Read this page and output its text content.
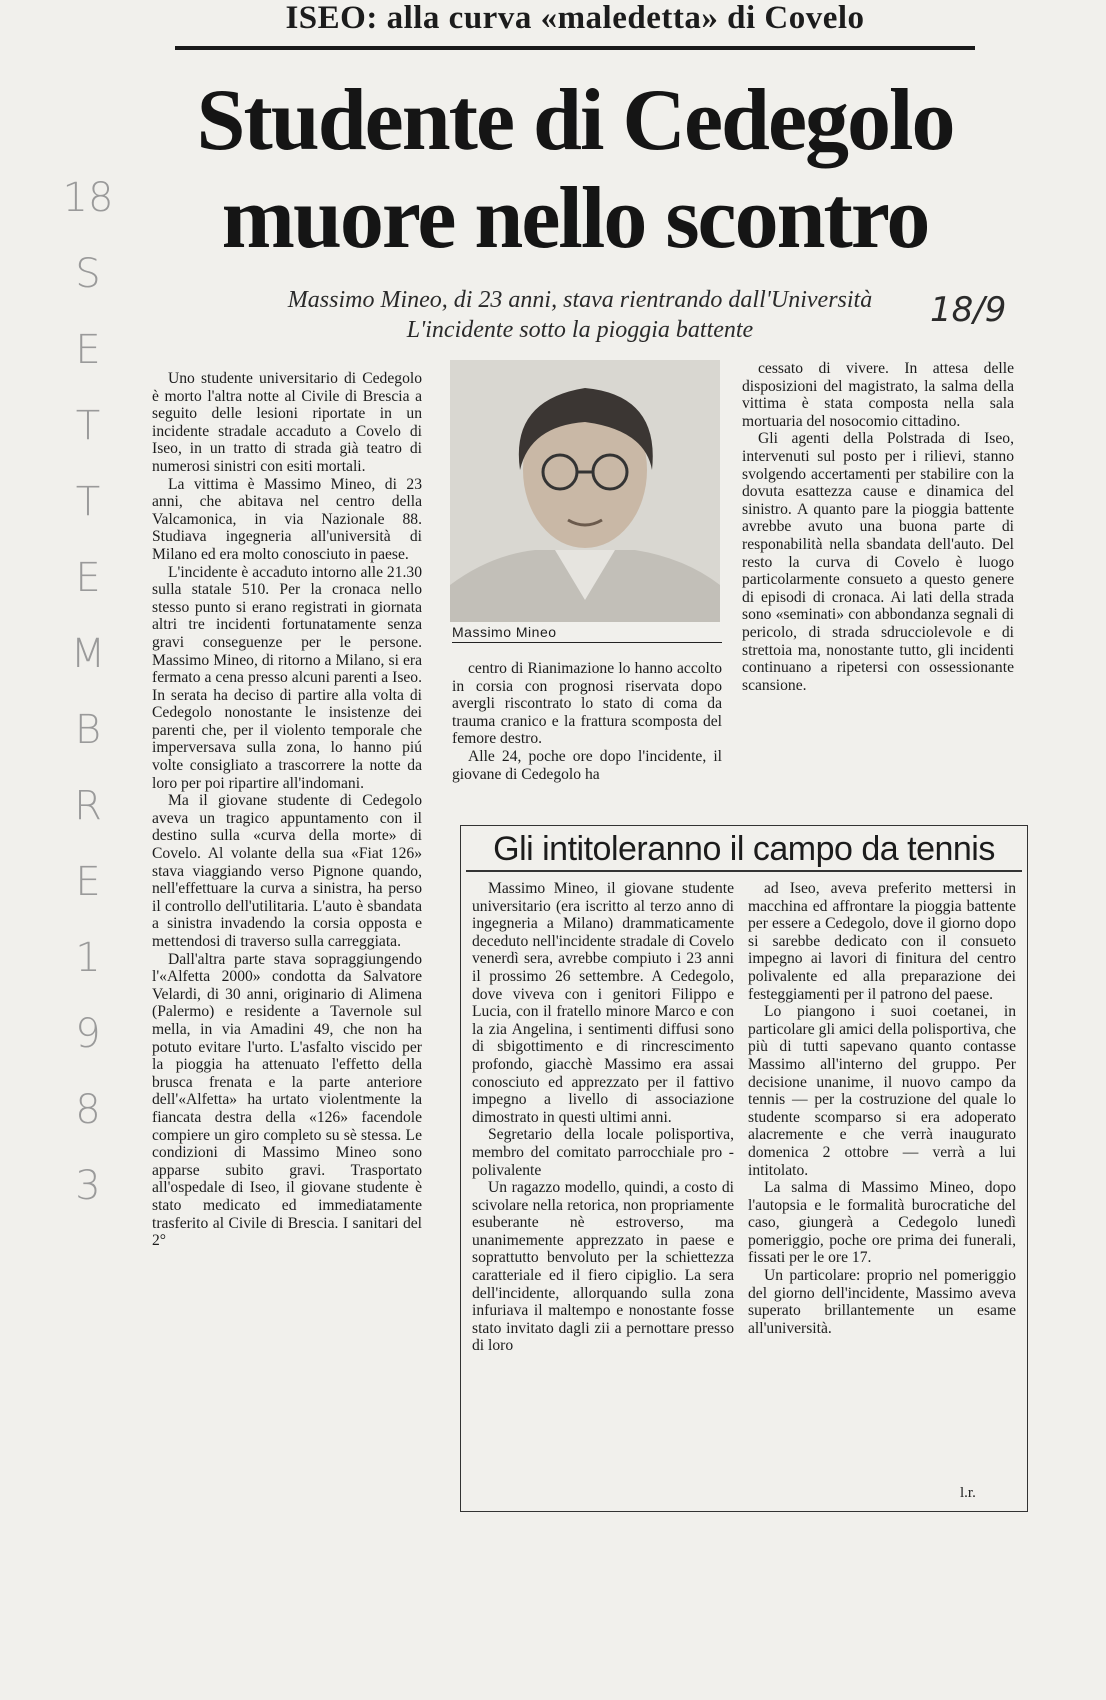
ISEO: alla curva «maledetta» di Covelo
Studente di Cedegolo
muore nello scontro
Massimo Mineo, di 23 anni, stava rientrando dall'Università
L'incidente sotto la pioggia battente	18/9
18
S
E
T
T
E
M
B
R
E
1
9
8
3

Uno studente universitario di Cedegolo è morto l'altra notte al Civile di Brescia a seguito delle lesioni riportate in un incidente stradale accaduto a Covelo di Iseo, in un tratto di strada già teatro di numerosi sinistri con esiti mortali.

La vittima è Massimo Mineo, di 23 anni, che abitava nel centro della Valcamonica, in via Nazionale 88. Studiava ingegneria all'università di Milano ed era molto conosciuto in paese.

L'incidente è accaduto intorno alle 21.30 sulla statale 510. Per la cronaca nello stesso punto si erano registrati in giornata altri tre incidenti fortunatamente senza gravi conseguenze per le persone. Massimo Mineo, di ritorno a Milano, si era fermato a cena presso alcuni parenti a Iseo. In serata ha deciso di partire alla volta di Cedegolo nonostante le insistenze dei parenti che, per il violento temporale che imperversava sulla zona, lo hanno piú volte consigliato a trascorrere la notte da loro per poi ripartire all'indomani.

Ma il giovane studente di Cedegolo aveva un tragico appuntamento con il destino sulla «curva della morte» di Covelo. Al volante della sua «Fiat 126» stava viaggiando verso Pignone quando, nell'effettuare la curva a sinistra, ha perso il controllo dell'utilitaria. L'auto è sbandata a sinistra invadendo la corsia opposta e mettendosi di traverso sulla carreggiata.

Dall'altra parte stava sopraggiungendo l'«Alfetta 2000» condotta da Salvatore Velardi, di 30 anni, originario di Alimena (Palermo) e residente a Tavernole sul mella, in via Amadini 49, che non ha potuto evitare l'urto. L'asfalto viscido per la pioggia ha attenuato l'effetto della brusca frenata e la parte anteriore dell'«Alfetta» ha urtato violentmente la fiancata destra della «126» facendole compiere un giro completo su sè stessa. Le condizioni di Massimo Mineo sono apparse subito gravi. Trasportato all'ospedale di Iseo, il giovane studente è stato medicato ed immediatamente trasferito al Civile di Brescia. I sanitari del 2°

Massimo Mineo

centro di Rianimazione lo hanno accolto in corsia con prognosi riservata dopo avergli riscontrato lo stato di coma da trauma cranico e la frattura scomposta del femore destro.

Alle 24, poche ore dopo l'incidente, il giovane di Cedegolo ha

cessato di vivere. In attesa delle disposizioni del magistrato, la salma della vittima è stata composta nella sala mortuaria del nosocomio cittadino.

Gli agenti della Polstrada di Iseo, intervenuti sul posto per i rilievi, stanno svolgendo accertamenti per stabilire con la dovuta esattezza cause e dinamica del sinistro. A quanto pare la pioggia battente avrebbe avuto una buona parte di responabilità nella sbandata dell'auto. Del resto la curva di Covelo è luogo particolarmente consueto a questo genere di episodi di cronaca. Ai lati della strada sono «seminati» con abbondanza segnali di pericolo, di strada sdrucciolevole e di strettoia ma, nonostante tutto, gli incidenti continuano a ripetersi con ossessionante scansione.

Gli intitoleranno il campo da tennis

Massimo Mineo, il giovane studente universitario (era iscritto al terzo anno di ingegneria a Milano) drammaticamente deceduto nell'incidente stradale di Covelo venerdì sera, avrebbe compiuto i 23 anni il prossimo 26 settembre. A Cedegolo, dove viveva con i genitori Filippo e Lucia, con il fratello minore Marco e con la zia Angelina, i sentimenti diffusi sono di sbigottimento e di rincrescimento profondo, giacchè Massimo era assai conosciuto ed apprezzato per il fattivo impegno a livello di associazione dimostrato in questi ultimi anni.

Segretario della locale polisportiva, membro del comitato parrocchiale pro - polivalente

Un ragazzo modello, quindi, a costo di scivolare nella retorica, non propriamente esuberante nè estroverso, ma unanimemente apprezzato in paese e soprattutto benvoluto per la schiettezza caratteriale ed il fiero cipiglio. La sera dell'incidente, allorquando sulla zona infuriava il maltempo e nonostante fosse stato invitato dagli zii a pernottare presso di loro

ad Iseo, aveva preferito mettersi in macchina ed affrontare la pioggia battente per essere a Cedegolo, dove il giorno dopo si sarebbe dedicato con il consueto impegno ai lavori di finitura del centro polivalente ed alla preparazione dei festeggiamenti per il patrono del paese.

Lo piangono i suoi coetanei, in particolare gli amici della polisportiva, che più di tutti sapevano quanto contasse Massimo all'interno del gruppo. Per decisione unanime, il nuovo campo da tennis — per la costruzione del quale lo studente scomparso si era adoperato alacremente e che verrà inaugurato domenica 2 ottobre — verrà a lui intitolato.

La salma di Massimo Mineo, dopo l'autopsia e le formalità burocratiche del caso, giungerà a Cedegolo lunedì pomeriggio, poche ore prima dei funerali, fissati per le ore 17.

Un particolare: proprio nel pomeriggio del giorno dell'incidente, Massimo aveva superato brillantemente un esame all'università.

l.r.
